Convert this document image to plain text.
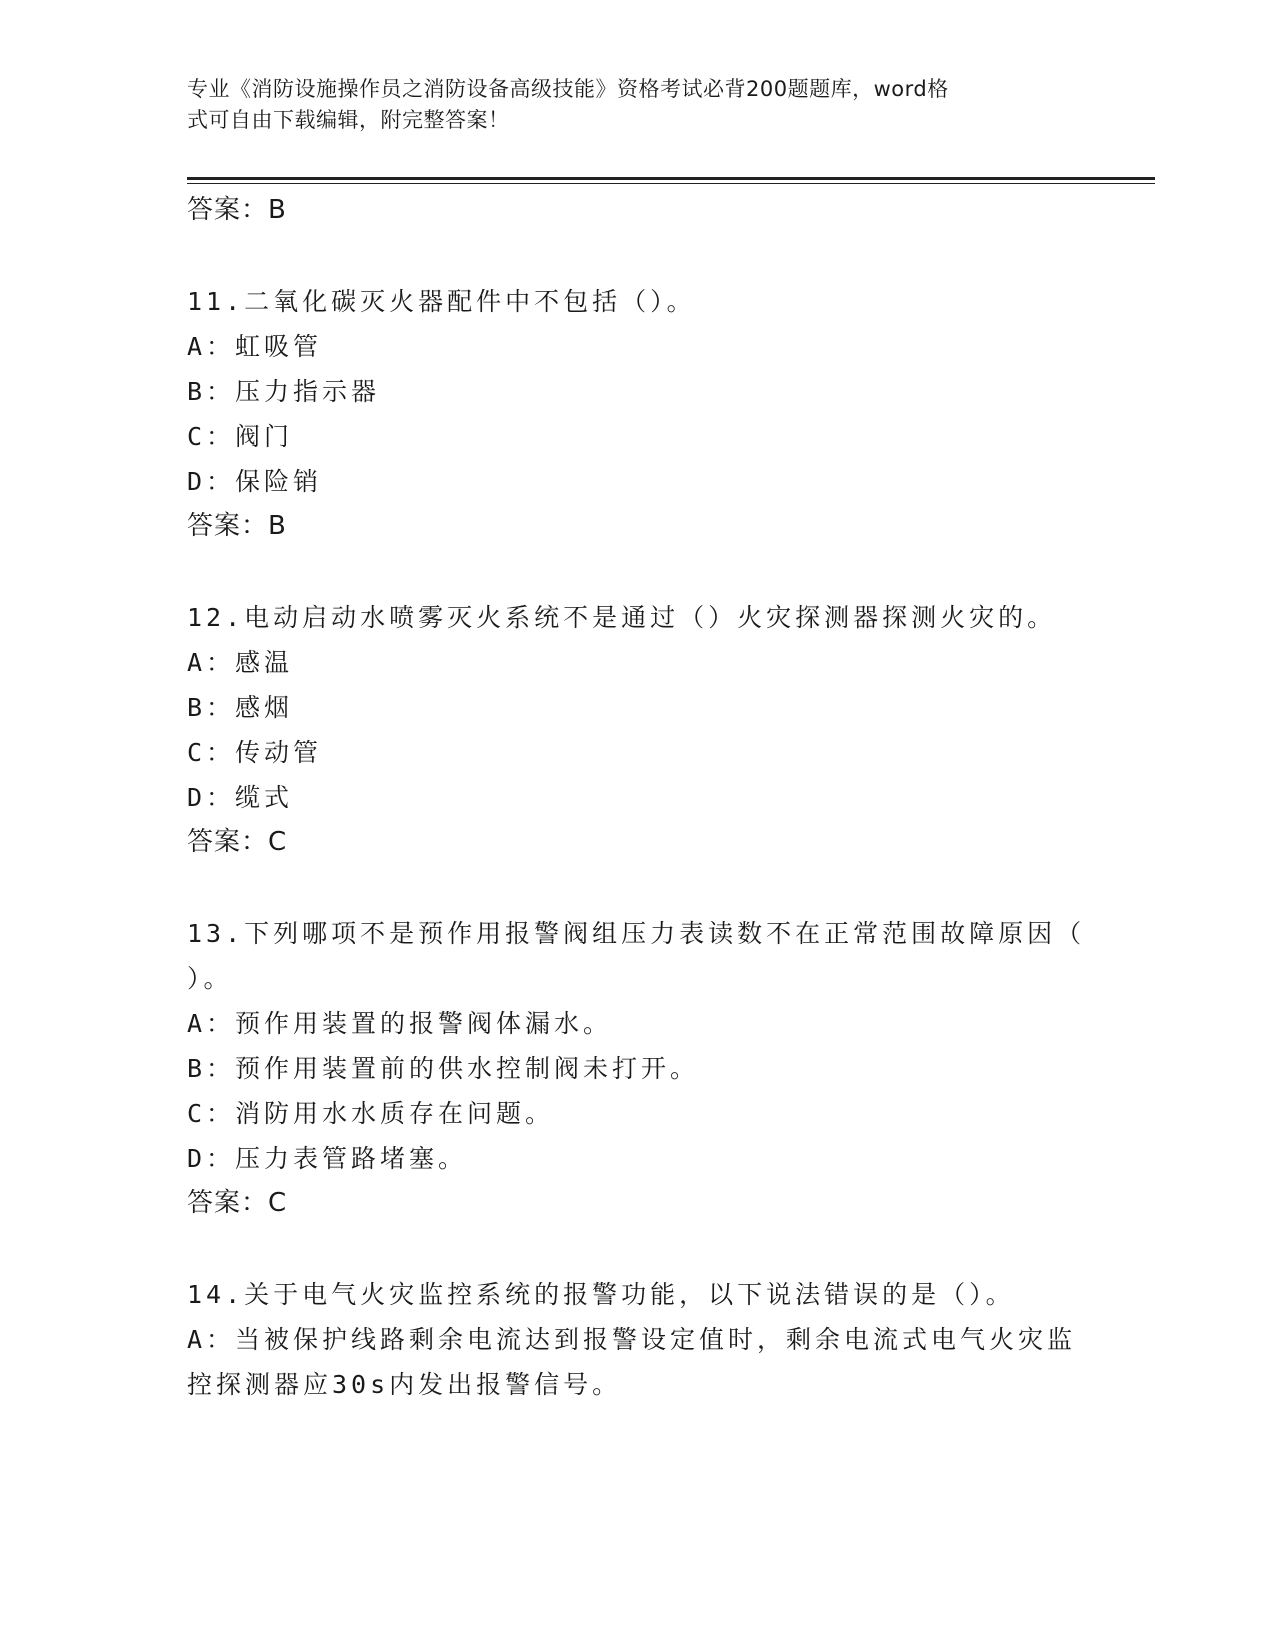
专业《消防设施操作员之消防设备高级技能》资格考试必背200题题库，word格
式可自由下载编辑，附完整答案！
答案：B
11.二氧化碳灭火器配件中不包括（）。
A：虹吸管
B：压力指示器
C：阀门
D：保险销
答案：B
12.电动启动水喷雾灭火系统不是通过（）火灾探测器探测火灾的。
A：感温
B：感烟
C：传动管
D：缆式
答案：C
13.下列哪项不是预作用报警阀组压力表读数不在正常范围故障原因（
）。
A：预作用装置的报警阀体漏水。
B：预作用装置前的供水控制阀未打开。
C：消防用水水质存在问题。
D：压力表管路堵塞。
答案：C
14.关于电气火灾监控系统的报警功能，以下说法错误的是（）。
A：当被保护线路剩余电流达到报警设定值时，剩余电流式电气火灾监
控探测器应30s内发出报警信号。
